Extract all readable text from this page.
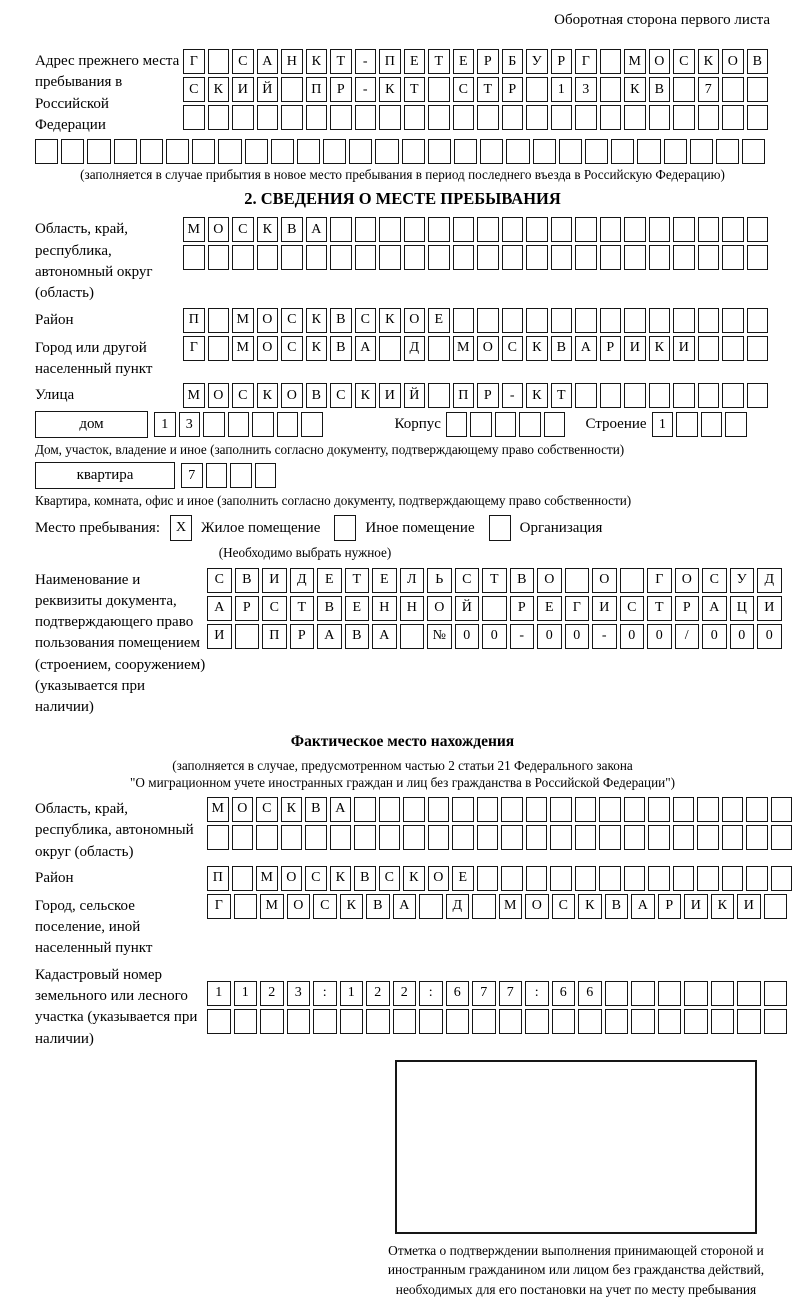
Оборотная сторона первого листа
Адрес прежнего места пребывания в Российской Федерации
Г	С	А	Н	К	Т	-	П	Е	Т	Е	Р	Б	У	Р	Г	М О	С	К	О	В
С	К	И	Й	П	Р	-	К	Т	С	Т	Р	1	3	К	В	7
(заполняется в случае прибытия в новое место пребывания в период последнего въезда в Российскую Федерацию)
2. СВЕДЕНИЯ О МЕСТЕ ПРЕБЫВАНИЯ
Область, край, республика, автономный округ (область)
М О	С	К	В	А
Район	П	М О	С	К	В	С	К	О	Е
Город или другой населенный пункт
Г	М О	С	К	В	А	Д	М О	С	К	В	А	Р	И	К	И
Улица	М О	С	К	О	В	С	К	И	Й	П	Р	-	К	Т
дом	1	3	Корпус	Строение 1
Дом, участок, владение и иное (заполнить согласно документу, подтверждающему право собственности)
квартира	7
Квартира, комната, офис и иное (заполнить согласно документу, подтверждающему право собственности)
Место пребывания:	X Жилое помещение	Иное помещение	Организация
(Необходимо выбрать нужное)
Наименование и реквизиты документа, подтверждающего право пользования помещением (строением, сооружением) (указывается при наличии)
С	В	И	Д	Е	Т	Е	Л	Ь	С	Т	В	О	О	Г	О	С	У	Д
А	Р	С	Т	В	Е	Н	Н	О	Й	Р	Е	Г	И	С	Т	Р	А	Ц	И
И	П	Р	А	В	А	№	0	0	-	0	0	-	0	0	/	0	0	0
Фактическое место нахождения
(заполняется в случае, предусмотренном частью 2 статьи 21 Федерального закона
"О миграционном учете иностранных граждан и лиц без гражданства в Российской Федерации")
Область, край, республика, автономный округ (область)
М О	С	К	В	А
Район	П	М О	С	К	В	С	К	О	Е
Город, сельское поселение, иной населенный пункт
Г	М	О	С	К	В	А	Д	М	О	С	К	В	А	Р	И	К	И
Кадастровый номер земельного или лесного участка (указывается при наличии)
1	1	2	3	:	1	2	2	:	6	7	7	:	6	6
Отметка о подтверждении выполнения принимающей стороной и иностранным гражданином или лицом без гражданства действий, необходимых для его постановки на учет по месту пребывания
